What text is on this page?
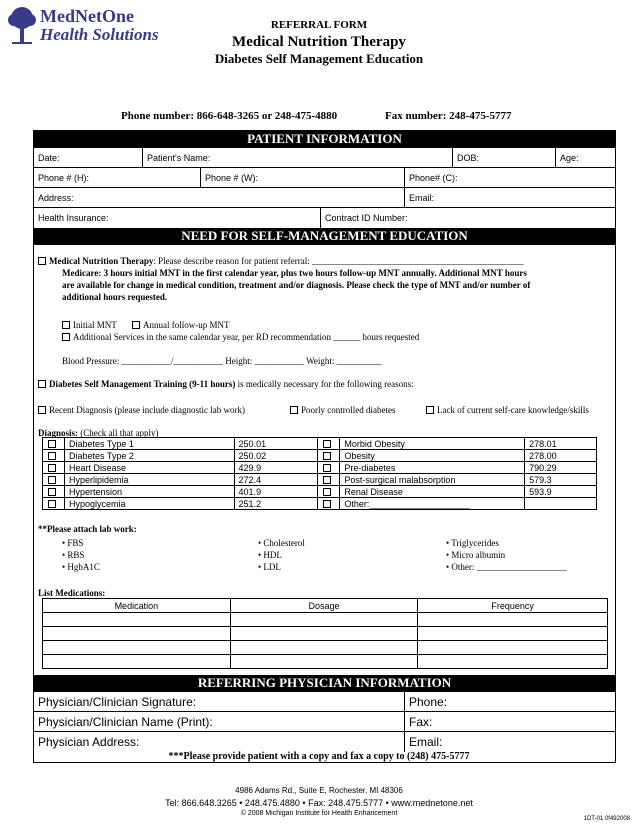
MedNetOne
Health Solutions	REFERRAL FORM
Medical Nutrition Therapy
Diabetes Self Management Education
Phone number: 866-648-3265 or 248-475-4880	Fax number: 248-475-5777
PATIENT INFORMATION
Date:	Patient's Name:	DOB:	Age:
Phone # (H):	Phone # (W):	Phone# (C):
Address:	Email:
Health Insurance:	Contract ID Number:
NEED FOR SELF-MANAGEMENT EDUCATION
Medical Nutrition Therapy: Please describe reason for patient referral: _______________________________________________
Medicare: 3 hours initial MNT in the first calendar year, plus two hours follow-up MNT annually. Additional MNT hours
are available for change in medical condition, treatment and/or diagnosis. Please check the type of MNT and/or number of
additional hours requested.
Initial MNT	Annual follow-up MNT
Additional Services in the same calendar year, per RD recommendation ______ hours requested
Blood Pressure: ___________/___________ Height: ___________ Weight: __________
Diabetes Self Management Training (9-11 hours) is medically necessary for the following reasons:
Recent Diagnosis (please include diagnostic lab work)	Poorly controlled diabetes	Lack of current self-care knowledge/skills
Diagnosis: (Check all that apply)
	Diabetes Type 1	250.01		Morbid Obesity	278.01
	Diabetes Type 2	250.02		Obesity	278.00
	Heart Disease	429.9		Pre-diabetes	790.29
	Hyperlipidemia	272.4		Post-surgical malabsorption	579.3
	Hypertension	401.9		Renal Disease	593.9
	Hypoglycemia	251.2		Other:____________________	
**Please attach lab work:
• FBS
• RBS
• HgbA1C
• Cholesterol
• HDL
• LDL
• Triglycerides
• Micro albumin
• Other: ____________________
List Medications:
Medication	Dosage	Frequency

REFERRING PHYSICIAN INFORMATION
Physician/Clinician Signature:	Phone:
Physician/Clinician Name (Print):	Fax:
Physician Address:	Email:
***Please provide patient with a copy and fax a copy to (248) 475-5777
4986 Adams Rd., Suite E, Rochester, MI 48306
Tel: 866.648.3265 • 248.475.4880 • Fax: 248.475.5777 • www.mednetone.net
© 2008 Michigan Institute for Health Enhancement
1DT-01 0f492008
